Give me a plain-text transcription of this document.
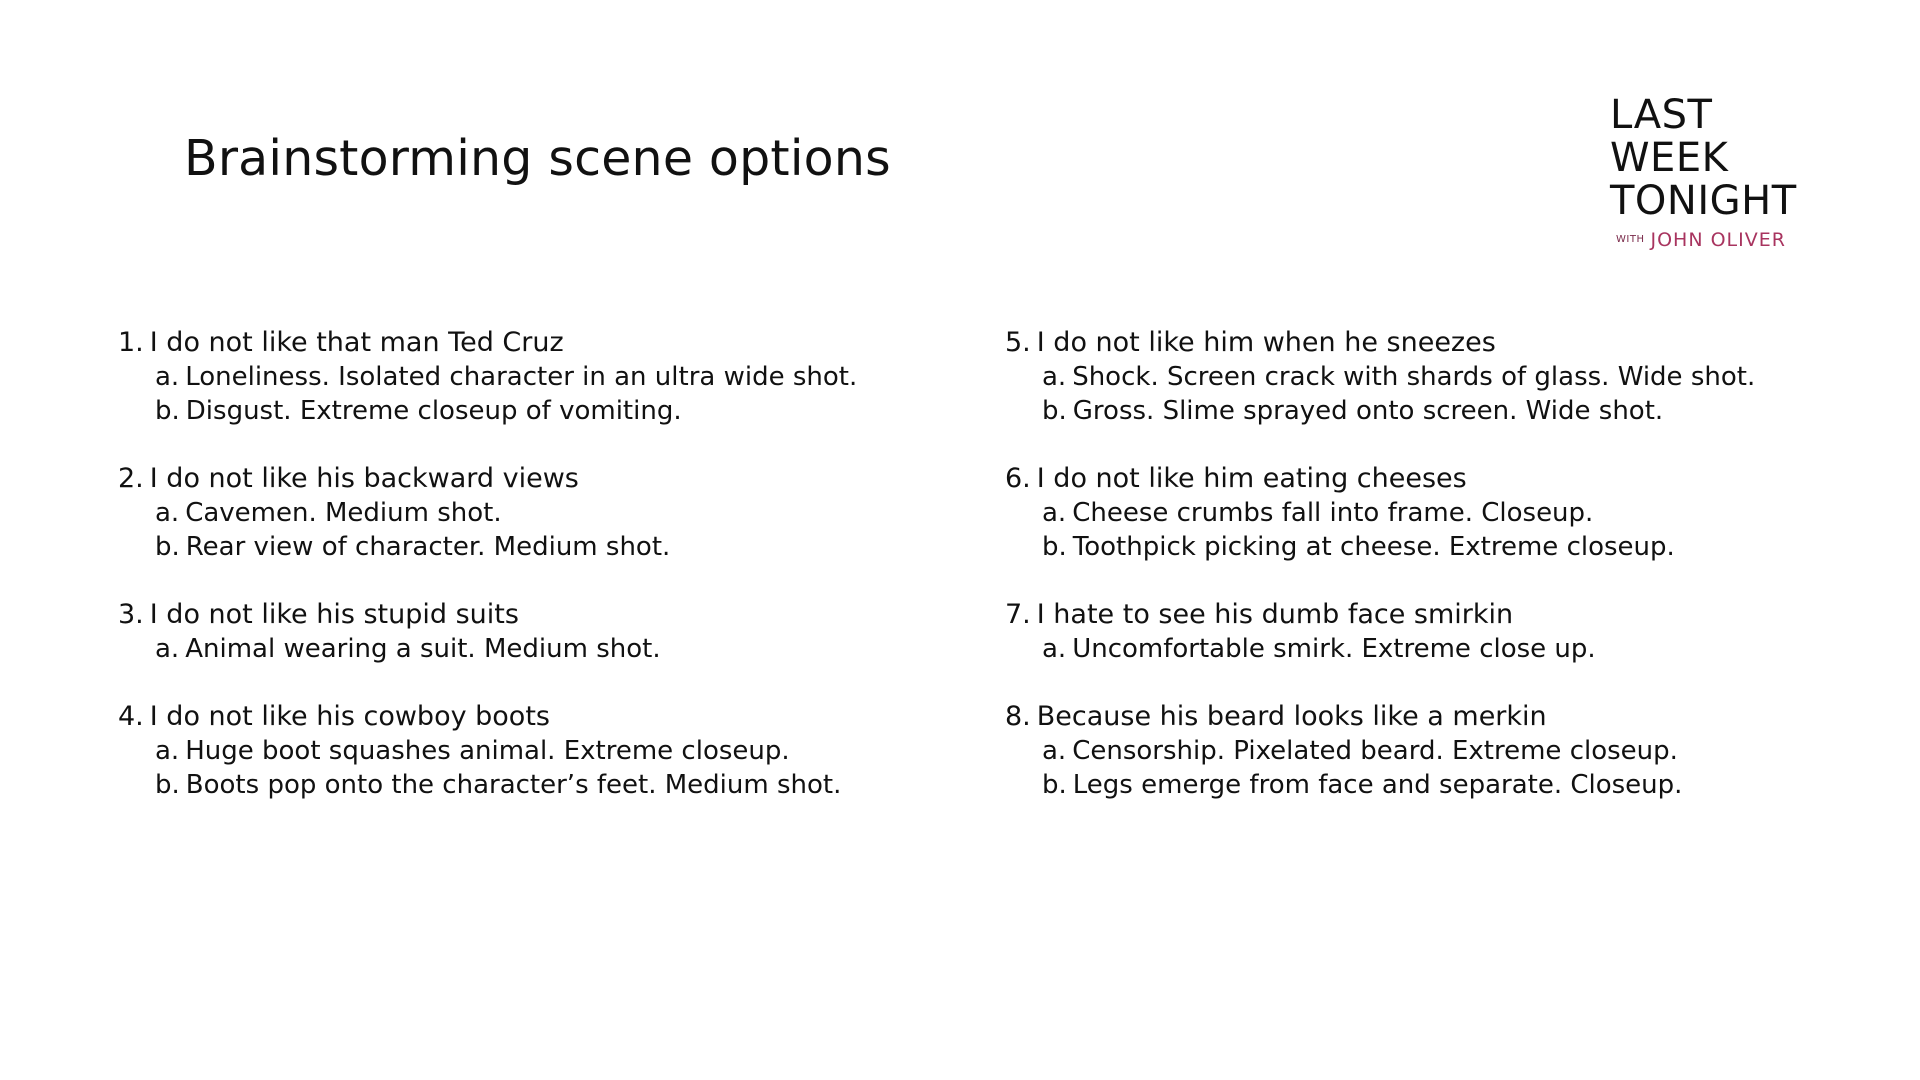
Brainstorming scene options
LAST
WEEK
TONIGHT
$^{WITH}$ JOHN OLIVER
1. I do not like that man Ted Cruz
a. Loneliness. Isolated character in an ultra wide shot.
b. Disgust. Extreme closeup of vomiting.
2. I do not like his backward views
a. Cavemen. Medium shot.
b. Rear view of character. Medium shot.
3. I do not like his stupid suits
a. Animal wearing a suit. Medium shot.
4. I do not like his cowboy boots
a. Huge boot squashes animal. Extreme closeup.
b. Boots pop onto the character’s feet. Medium shot.
5. I do not like him when he sneezes
a. Shock. Screen crack with shards of glass. Wide shot.
b. Gross. Slime sprayed onto screen. Wide shot.
6. I do not like him eating cheeses
a. Cheese crumbs fall into frame. Closeup.
b. Toothpick picking at cheese. Extreme closeup.
7. I hate to see his dumb face smirkin
a. Uncomfortable smirk. Extreme close up.
8. Because his beard looks like a merkin
a. Censorship. Pixelated beard. Extreme closeup.
b. Legs emerge from face and separate. Closeup.
